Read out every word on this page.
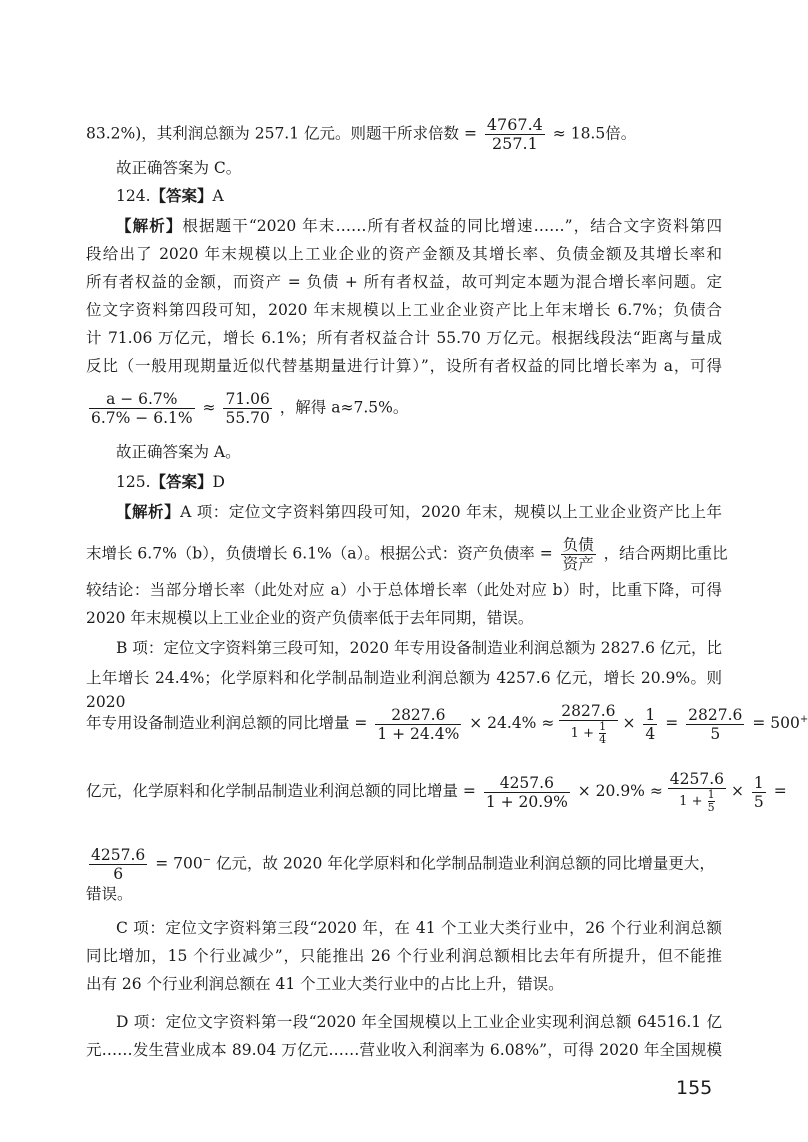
83.2%)，其利润总额为 257.1 亿元。则题干所求倍数 = $\frac{4767.4}{257.1} \approx 18.5$倍。
故正确答案为 C。
124.【答案】A
【解析】根据题干“2020 年末……所有者权益的同比增速……”，结合文字资料第四
段给出了 2020 年末规模以上工业企业的资产金额及其增长率、负债金额及其增长率和
所有者权益的金额，而资产 = 负债 + 所有者权益，故可判定本题为混合增长率问题。定
位文字资料第四段可知，2020 年末规模以上工业企业资产比上年末增长 6.7%；负债合
计 71.06 万亿元，增长 6.1%；所有者权益合计 55.70 万亿元。根据线段法“距离与量成
反比（一般用现期量近似代替基期量进行计算）”，设所有者权益的同比增长率为 a，可得
$\frac{a - 6.7\%}{6.7\% - 6.1\%} \approx \frac{71.06}{55.70}$ ，解得 a≈7.5%。
故正确答案为 A。
125.【答案】D
【解析】A 项：定位文字资料第四段可知，2020 年末，规模以上工业企业资产比上年
末增长 6.7%（b），负债增长 6.1%（a）。根据公式：资产负债率 = $\frac{\text{负债}}{\text{资产}}$ ，结合两期比重比
较结论：当部分增长率（此处对应 a）小于总体增长率（此处对应 b）时，比重下降，可得
2020 年末规模以上工业企业的资产负债率低于去年同期，错误。
B 项：定位文字资料第三段可知，2020 年专用设备制造业利润总额为 2827.6 亿元，比
上年增长 24.4%；化学原料和化学制品制造业利润总额为 4257.6 亿元，增长 20.9%。则 2020
年专用设备制造业利润总额的同比增量 = $\frac{2827.6}{1 + 24.4\%} \times 24.4\% \approx \frac{2827.6}{1 + \frac{1}{4}} \times \frac{1}{4} = \frac{2827.6}{5} = 500^+$
亿元，化学原料和化学制品制造业利润总额的同比增量 = $\frac{4257.6}{1 + 20.9\%} \times 20.9\% \approx \frac{4257.6}{1 + \frac{1}{5}} \times \frac{1}{5}$ =
$\frac{4257.6}{6} = 700^-$ 亿元，故 2020 年化学原料和化学制品制造业利润总额的同比增量更大，
错误。
C 项：定位文字资料第三段“2020 年，在 41 个工业大类行业中，26 个行业利润总额
同比增加，15 个行业减少”，只能推出 26 个行业利润总额相比去年有所提升，但不能推
出有 26 个行业利润总额在 41 个工业大类行业中的占比上升，错误。
D 项：定位文字资料第一段“2020 年全国规模以上工业企业实现利润总额 64516.1 亿
元……发生营业成本 89.04 万亿元……营业收入利润率为 6.08%”，可得 2020 年全国规模
155
